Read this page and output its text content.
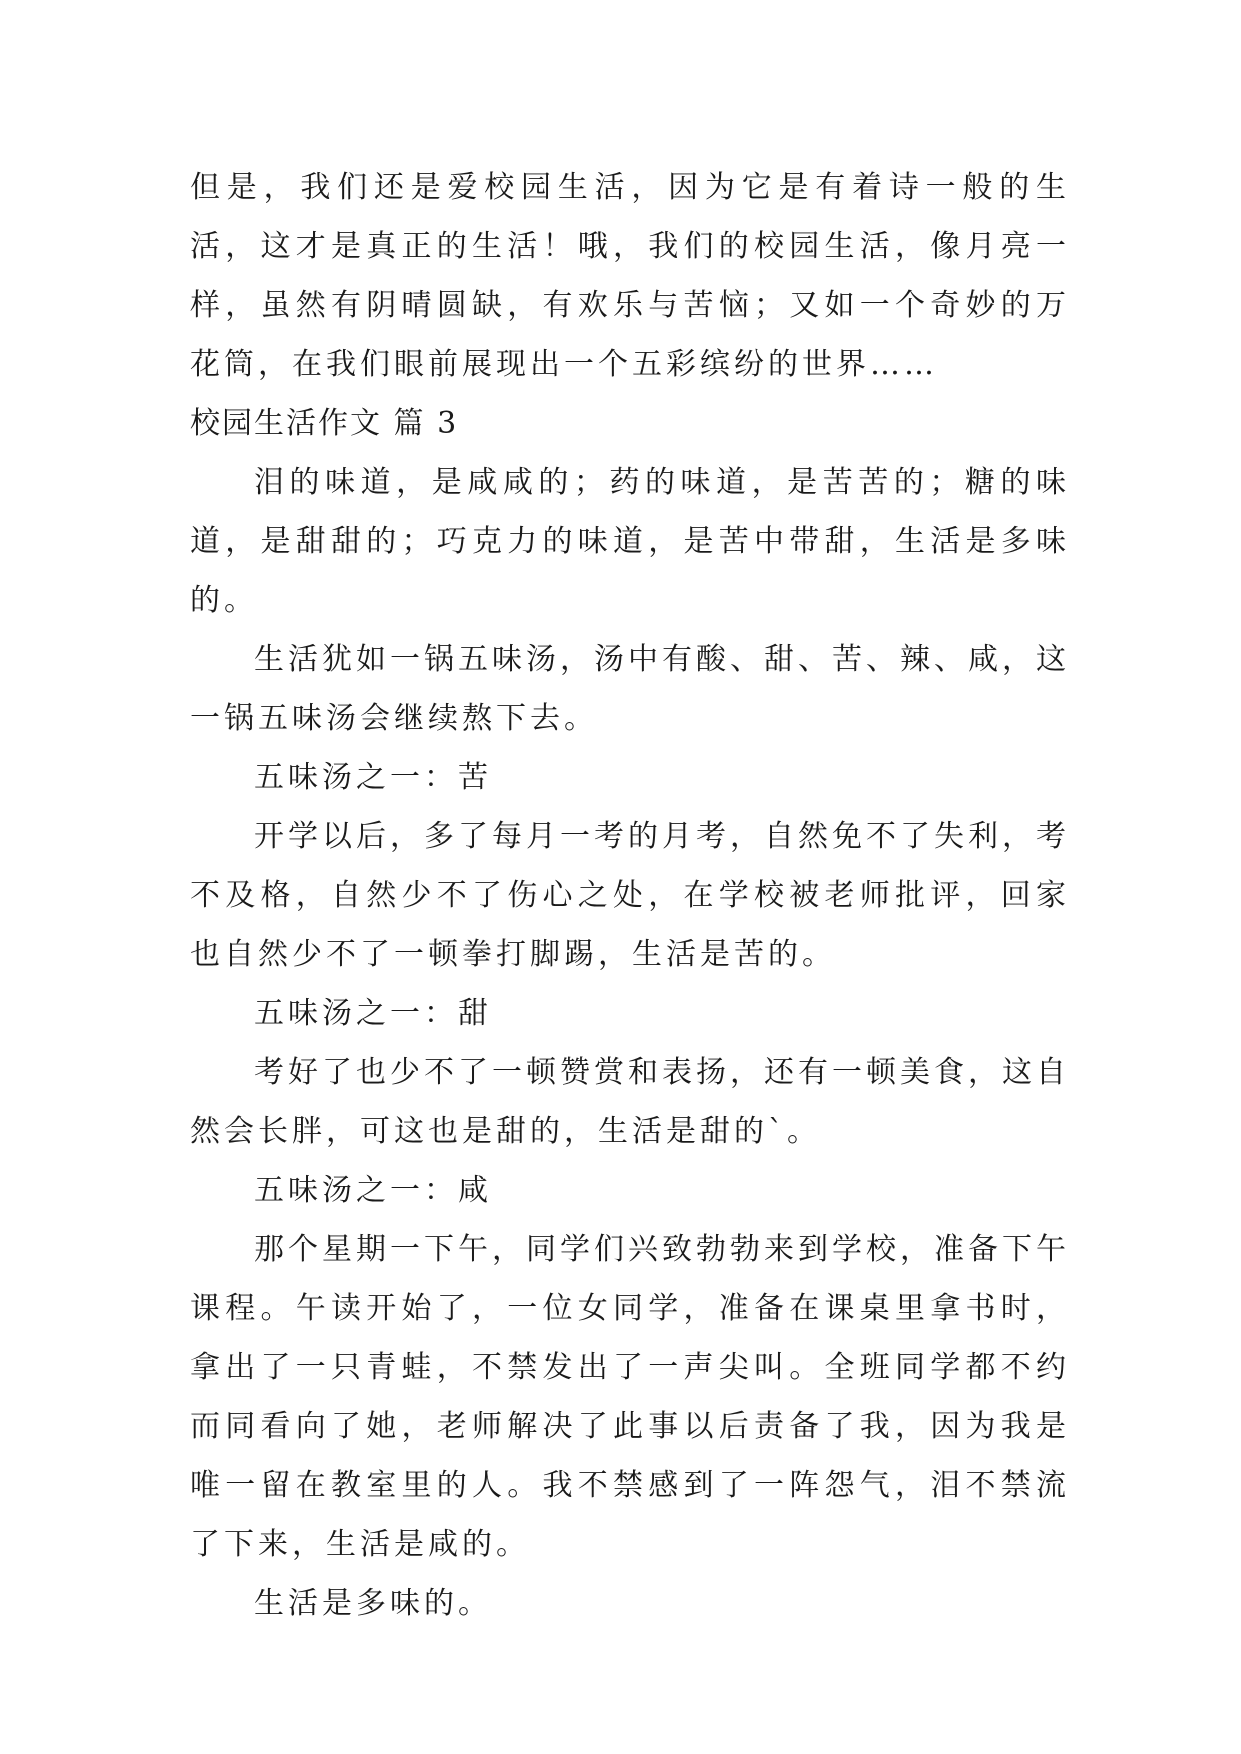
但是，我们还是爱校园生活，因为它是有着诗一般的生活，这才是真正的生活！哦，我们的校园生活，像月亮一样，虽然有阴晴圆缺，有欢乐与苦恼；又如一个奇妙的万花筒，在我们眼前展现出一个五彩缤纷的世界……

校园生活作文 篇 3

泪的味道，是咸咸的；药的味道，是苦苦的；糖的味道，是甜甜的；巧克力的味道，是苦中带甜，生活是多味的。

生活犹如一锅五味汤，汤中有酸、甜、苦、辣、咸，这一锅五味汤会继续熬下去。

五味汤之一：苦

开学以后，多了每月一考的月考，自然免不了失利，考不及格，自然少不了伤心之处，在学校被老师批评，回家也自然少不了一顿拳打脚踢，生活是苦的。

五味汤之一：甜

考好了也少不了一顿赞赏和表扬，还有一顿美食，这自然会长胖，可这也是甜的，生活是甜的`。

五味汤之一：咸

那个星期一下午，同学们兴致勃勃来到学校，准备下午课程。午读开始了，一位女同学，准备在课桌里拿书时，拿出了一只青蛙，不禁发出了一声尖叫。全班同学都不约而同看向了她，老师解决了此事以后责备了我，因为我是唯一留在教室里的人。我不禁感到了一阵怨气，泪不禁流了下来，生活是咸的。

生活是多味的。
